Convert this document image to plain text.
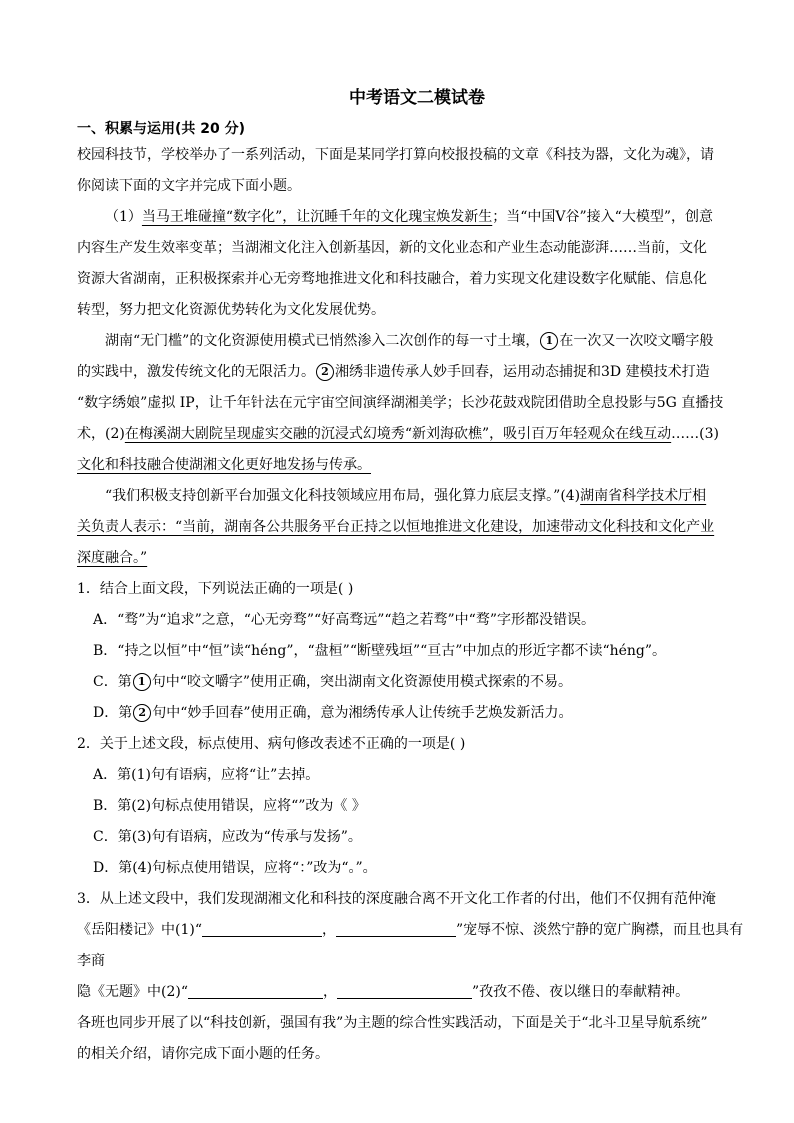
中考语文二模试卷
一、积累与运用(共 20 分)

校园科技节，学校举办了一系列活动，下面是某同学打算向校报投稿的文章《科技为器，文化为魂》，请

你阅读下面的文字并完成下面小题。

（1）当马王堆碰撞“数字化”，让沉睡千年的文化瑰宝焕发新生；当“中国Ⅴ谷”接入“大模型”，创意

内容生产发生效率变革；当湖湘文化注入创新基因，新的文化业态和产业生态动能澎湃……当前，文化

资源大省湖南，正积极探索并心无旁骛地推进文化和科技融合，着力实现文化建设数字化赋能、信息化

转型，努力把文化资源优势转化为文化发展优势。

湖南“无门槛”的文化资源使用模式已悄然渗入二次创作的每一寸土壤， 1 在一次又一次咬文嚼字般

的实践中，激发传统文化的无限活力。 2 湘绣非遗传承人妙手回春，运用动态捕捉和3D 建模技术打造

“数字绣娘”虚拟 IP，让千年针法在元宇宙空间演绎湖湘美学；长沙花鼓戏院团借助全息投影与5G 直播技

术，(2)在梅溪湖大剧院呈现虚实交融的沉浸式幻境秀“新刘海砍樵”，吸引百万年轻观众在线互动……(3)

文化和科技融合使湖湘文化更好地发扬与传承。

“我们积极支持创新平台加强文化科技领域应用布局，强化算力底层支撑。”(4)湖南省科学技术厅相

关负责人表示：“当前，湖南各公共服务平台正持之以恒地推进文化建设，加速带动文化科技和文化产业

深度融合。”

1．结合上面文段，下列说法正确的一项是( )
A．“骛”为“追求”之意，“心无旁骛”“好高骛远”“趋之若骛”中“骛”字形都没错误。
B．“持之以恒”中“恒”读“héng”，“盘桓”“断壁残垣”“亘古”中加点的形近字都不读“héng”。
C．第 1 句中“咬文嚼字”使用正确，突出湖南文化资源使用模式探索的不易。
D．第 2 句中“妙手回春”使用正确，意为湘绣传承人让传统手艺焕发新活力。
2．关于上述文段，标点使用、病句修改表述不正确的一项是( )
A．第(1)句有语病，应将“让”去掉。
B．第(2)句标点使用错误，应将“”改为《 》
C．第(3)句有语病，应改为“传承与发扬”。
D．第(4)句标点使用错误，应将“：”改为“。”。
3．从上述文段中，我们发现湖湘文化和科技的深度融合离不开文化工作者的付出，他们不仅拥有范仲淹
《岳阳楼记》中(1)“	，	”宠辱不惊、淡然宁静的宽广胸襟，而且也具有李商
隐《无题》中(2)“	，	”孜孜不倦、夜以继日的奉献精神。

各班也同步开展了以“科技创新，强国有我”为主题的综合性实践活动，下面是关于“北斗卫星导航系统”

的相关介绍，请你完成下面小题的任务。
